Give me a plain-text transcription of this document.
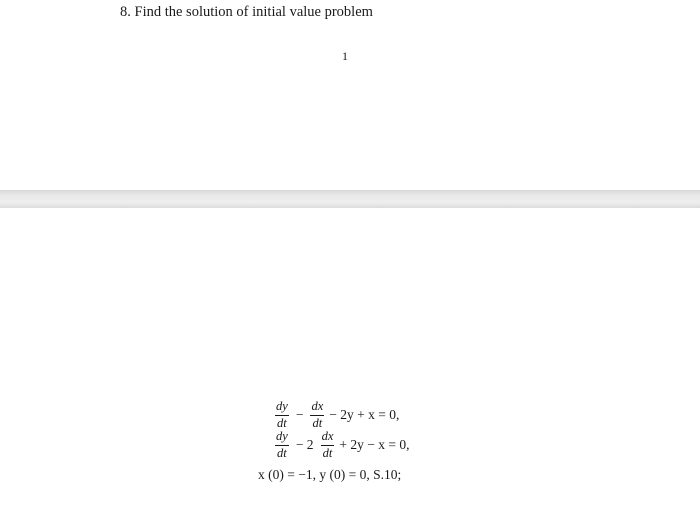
8. Find the solution of initial value problem
1
$\frac{dy}{dt} - \frac{dx}{dt} - 2y + x = 0$,
$\frac{dy}{dt} - 2 \frac{dx}{dt} + 2y - x = 0$,
x (0) = −1, y (0) = 0, S.10;
